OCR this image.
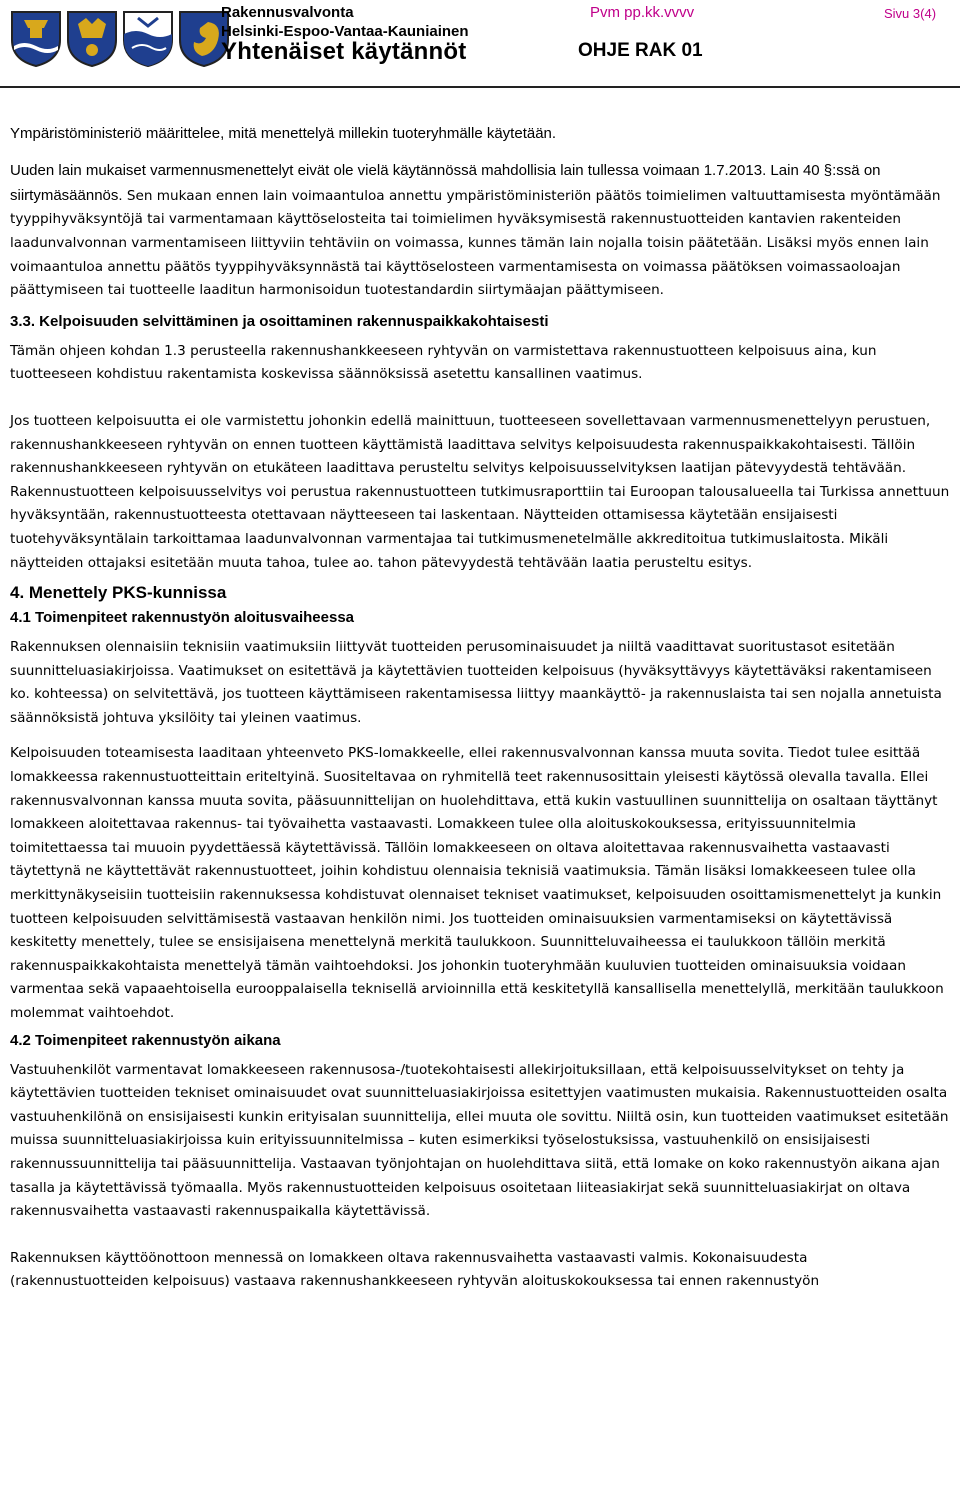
Rakennusvalvonta
Helsinki-Espoo-Vantaa-Kauniainen
Yhtenäiset käytännöt
Pvm pp.kk.vvvv
OHJE RAK 01
Sivu 3(4)

Ympäristöministeriö määrittelee, mitä menettelyä millekin tuoteryhmälle käytetään.

Uuden lain mukaiset varmennusmenettelyt eivät ole vielä käytännössä mahdollisia lain tullessa voimaan 1.7.2013. Lain 40 §:ssä on siirtymäsäännös. Sen mukaan ennen lain voimaantuloa annettu ympäristöministeriön päätös toimielimen valtuuttamisesta myöntämään tyyppihyväksyntöjä tai varmentamaan käyttöselosteita tai toimielimen hyväksymisestä rakennustuotteiden kantavien rakenteiden laadunvalvonnan varmentamiseen liittyviin tehtäviin on voimassa, kunnes tämän lain nojalla toisin päätetään. Lisäksi myös ennen lain voimaantuloa annettu päätös tyyppihyväksynnästä tai käyttöselosteen varmentamisesta on voimassa päätöksen voimassaoloajan päättymiseen tai tuotteelle laaditun harmonisoidun tuotestandardin siirtymäajan päättymiseen.

3.3. Kelpoisuuden selvittäminen ja osoittaminen rakennuspaikkakohtaisesti

Tämän ohjeen kohdan 1.3 perusteella rakennushankkeeseen ryhtyvän on varmistettava rakennustuotteen kelpoisuus aina, kun tuotteeseen kohdistuu rakentamista koskevissa säännöksissä asetettu kansallinen vaatimus.

Jos tuotteen kelpoisuutta ei ole varmistettu johonkin edellä mainittuun, tuotteeseen sovellettavaan varmennusmenettelyyn perustuen, rakennushankkeeseen ryhtyvän on ennen tuotteen käyttämistä laadittava selvitys kelpoisuudesta rakennuspaikkakohtaisesti. Tällöin rakennushankkeeseen ryhtyvän on etukäteen laadittava perusteltu selvitys kelpoisuusselvityksen laatijan pätevyydestä tehtävään. Rakennustuotteen kelpoisuusselvitys voi perustua rakennustuotteen tutkimusraporttiin tai Euroopan talousalueella tai Turkissa annettuun hyväksyntään, rakennustuotteesta otettavaan näytteeseen tai laskentaan. Näytteiden ottamisessa käytetään ensijaisesti tuotehyväksyntälain tarkoittamaa laadunvalvonnan varmentajaa tai tutkimusmenetelmälle akkreditoitua tutkimuslaitosta. Mikäli näytteiden ottajaksi esitetään muuta tahoa, tulee ao. tahon pätevyydestä tehtävään laatia perusteltu esitys.

4. Menettely PKS-kunnissa
4.1 Toimenpiteet rakennustyön aloitusvaiheessa

Rakennuksen olennaisiin teknisiin vaatimuksiin liittyvät tuotteiden perusominaisuudet ja niiltä vaadittavat suoritustasot esitetään suunnitteluasiakirjoissa. Vaatimukset on esitettävä ja käytettävien tuotteiden kelpoisuus (hyväksyttävyys käytettäväksi rakentamiseen ko. kohteessa) on selvitettävä, jos tuotteen käyttämiseen rakentamisessa liittyy maankäyttö- ja rakennuslaista tai sen nojalla annetuista säännöksistä johtuva yksilöity tai yleinen vaatimus.

Kelpoisuuden toteamisesta laaditaan yhteenveto PKS-lomakkeelle, ellei rakennusvalvonnan kanssa muuta sovita. Tiedot tulee esittää lomakkeessa rakennustuotteittain eriteltyinä. Suositeltavaa on ryhmitellä teet rakennusosittain yleisesti käytössä olevalla tavalla. Ellei rakennusvalvonnan kanssa muuta sovita, pääsuunnittelijan on huolehdittava, että kukin vastuullinen suunnittelija on osaltaan täyttänyt lomakkeen aloitettavaa rakennus- tai työvaihetta vastaavasti. Lomakkeen tulee olla aloituskokouksessa, erityissuunnitelmia toimitettaessa tai muuoin pyydettäessä käytettävissä. Tällöin lomakkeeseen on oltava aloitettavaa rakennusvaihetta vastaavasti täytettynä ne käyttettävät rakennustuotteet, joihin kohdistuu olennaisia teknisiä vaatimuksia. Tämän lisäksi lomakkeeseen tulee olla merkittynäkyseisiin tuotteisiin rakennuksessa kohdistuvat olennaiset tekniset vaatimukset, kelpoisuuden osoittamismenettelyt ja kunkin tuotteen kelpoisuuden selvittämisestä vastaavan henkilön nimi. Jos tuotteiden ominaisuuksien varmentamiseksi on käytettävissä keskitetty menettely, tulee se ensisijaisena menettelynä merkitä taulukkoon. Suunnitteluvaiheessa ei taulukkoon tällöin merkitä rakennuspaikkakohtaista menettelyä tämän vaihtoehdoksi. Jos johonkin tuoteryhmään kuuluvien tuotteiden ominaisuuksia voidaan varmentaa sekä vapaaehtoisella eurooppalaisella teknisellä arvioinnilla että keskitetyllä kansallisella menettelyllä, merkitään taulukkoon molemmat vaihtoehdot.

4.2 Toimenpiteet rakennustyön aikana

Vastuuhenkilöt varmentavat lomakkeeseen rakennusosa-/tuotekohtaisesti allekirjoituksillaan, että kelpoisuusselvitykset on tehty ja käytettävien tuotteiden tekniset ominaisuudet ovat suunnitteluasiakirjoissa esitettyjen vaatimusten mukaisia. Rakennustuotteiden osalta vastuuhenkilönä on ensisijaisesti kunkin erityisalan suunnittelija, ellei muuta ole sovittu. Niiltä osin, kun tuotteiden vaatimukset esitetään muissa suunnitteluasiakirjoissa kuin erityissuunnitelmissa – kuten esimerkiksi työselostuksissa, vastuuhenkilö on ensisijaisesti rakennussuunnittelija tai pääsuunnittelija. Vastaavan työnjohtajan on huolehdittava siitä, että lomake on koko rakennustyön aikana ajan tasalla ja käytettävissä työmaalla. Myös rakennustuotteiden kelpoisuus osoitetaan liiteasiakirjat sekä suunnitteluasiakirjat on oltava rakennusvaihetta vastaavasti rakennuspaikalla käytettävissä.

Rakennuksen käyttöönottoon mennessä on lomakkeen oltava rakennusvaihetta vastaavasti valmis. Kokonaisuudesta (rakennustuotteiden kelpoisuus) vastaava rakennushankkeeseen ryhtyvän aloituskokouksessa tai ennen rakennustyön
